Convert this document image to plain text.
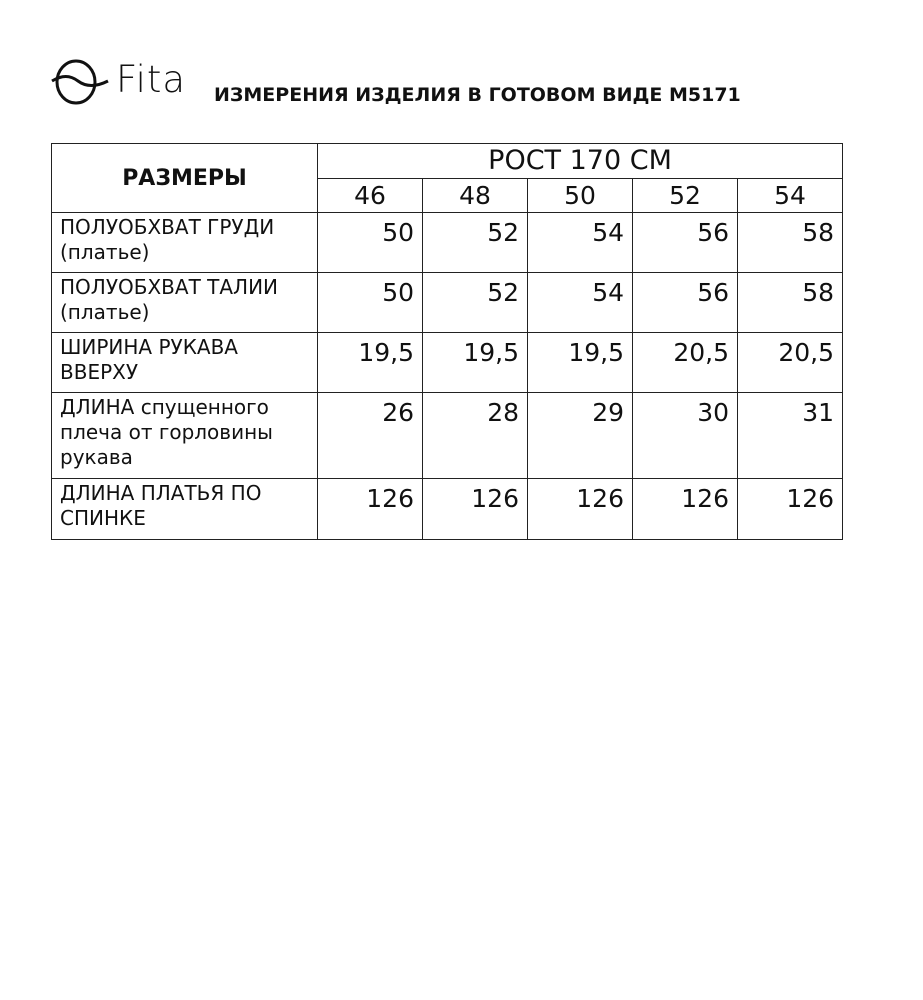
Fita ИЗМЕРЕНИЯ ИЗДЕЛИЯ В ГОТОВОМ ВИДЕ М5171
РАЗМЕРЫ	РОСТ 170 СМ				
	46	48	50	52	54
ПОЛУОБХВАТ ГРУДИ (платье)	50	52	54	56	58
ПОЛУОБХВАТ ТАЛИИ (платье)	50	52	54	56	58
ШИРИНА РУКАВА ВВЕРХУ	19,5	19,5	19,5	20,5	20,5
ДЛИНА спущенного плеча от горловины рукава	26	28	29	30	31
ДЛИНА ПЛАТЬЯ ПО СПИНКЕ	126	126	126	126	126
